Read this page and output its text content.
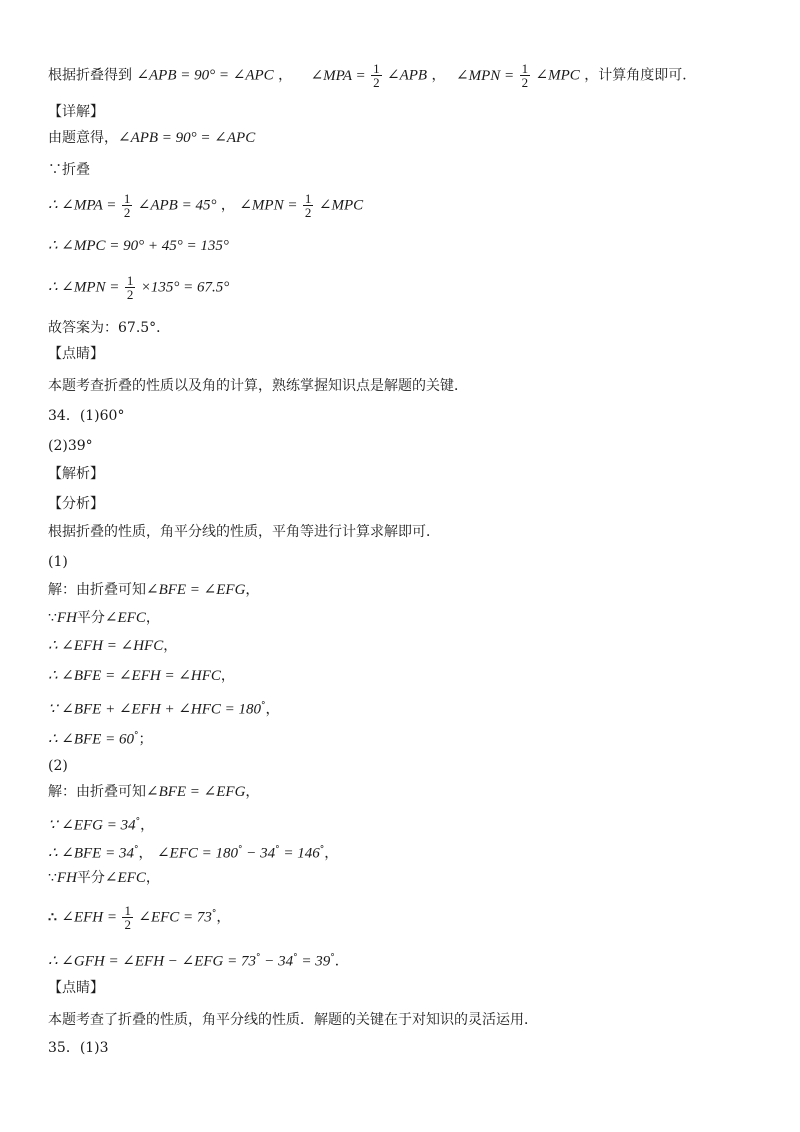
根据折叠得到 ∠APB = 90° = ∠APC ， ∠MPA = $\frac{1}{2}$ ∠APB ， ∠MPN = $\frac{1}{2}$ ∠MPC ，计算角度即可．
【详解】
由题意得，∠APB = 90° = ∠APC
∵折叠
∴ ∠MPA = $\frac{1}{2}$ ∠APB = 45° ， ∠MPN = $\frac{1}{2}$ ∠MPC
∴ ∠MPC = 90° + 45° = 135°
∴ ∠MPN = $\frac{1}{2} \times 135^\circ = 67.5^\circ$
故答案为：67.5°．
【点睛】
本题考查折叠的性质以及角的计算，熟练掌握知识点是解题的关键．
34．(1)60°
(2)39°
【解析】
【分析】
根据折叠的性质，角平分线的性质，平角等进行计算求解即可．
(1)
解：由折叠可知∠BFE = ∠EFG，
∵FH平分∠EFC，
∴ ∠EFH = ∠HFC，
∴ ∠BFE = ∠EFH = ∠HFC，
∵ ∠BFE + ∠EFH + ∠HFC = 180°，
∴ ∠BFE = 60°；
(2)
解：由折叠可知∠BFE = ∠EFG，
∵ ∠EFG = 34°，
∴ ∠BFE = 34°， ∠EFC = 180° − 34° = 146°，
∵FH平分∠EFC，
∴ ∠EFH = $\frac{1}{2}$ ∠EFC = 73°，
∴ ∠GFH = ∠EFH − ∠EFG = 73° − 34° = 39°．
【点睛】
本题考查了折叠的性质，角平分线的性质．解题的关键在于对知识的灵活运用．
35．(1)3
